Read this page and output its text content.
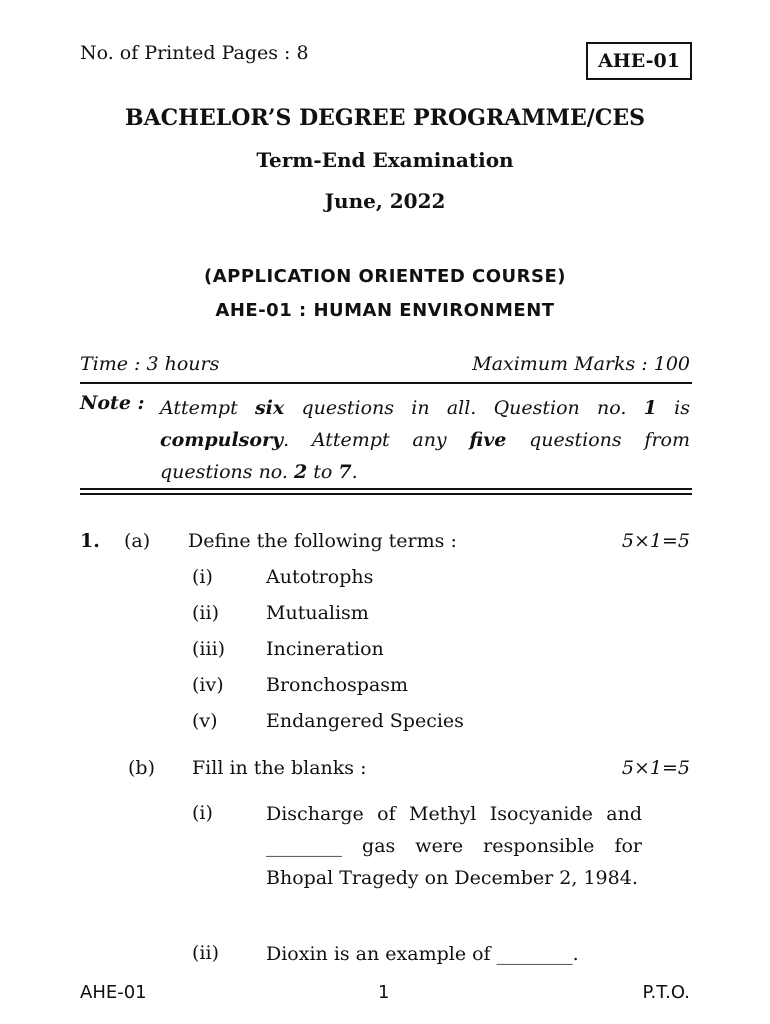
No. of Printed Pages : 8	AHE-01
BACHELOR’S DEGREE PROGRAMME/CES
Term-End Examination
June, 2022
(APPLICATION ORIENTED COURSE)
AHE-01 : HUMAN ENVIRONMENT
Time : 3 hours	Maximum Marks : 100
Note : Attempt six questions in all. Question no. 1 is compulsory. Attempt any five questions from questions no. 2 to 7.
1. (a) Define the following terms :	5×1=5
(i)	Autotrophs
(ii) Mutualism
(iii) Incineration
(iv) Bronchospasm
(v)	Endangered Species
(b) Fill in the blanks :	5×1=5
(i)	Discharge of Methyl Isocyanide and ________ gas were responsible for Bhopal Tragedy on December 2, 1984.
(ii) Dioxin is an example of ________.
AHE-01	1	P.T.O.
